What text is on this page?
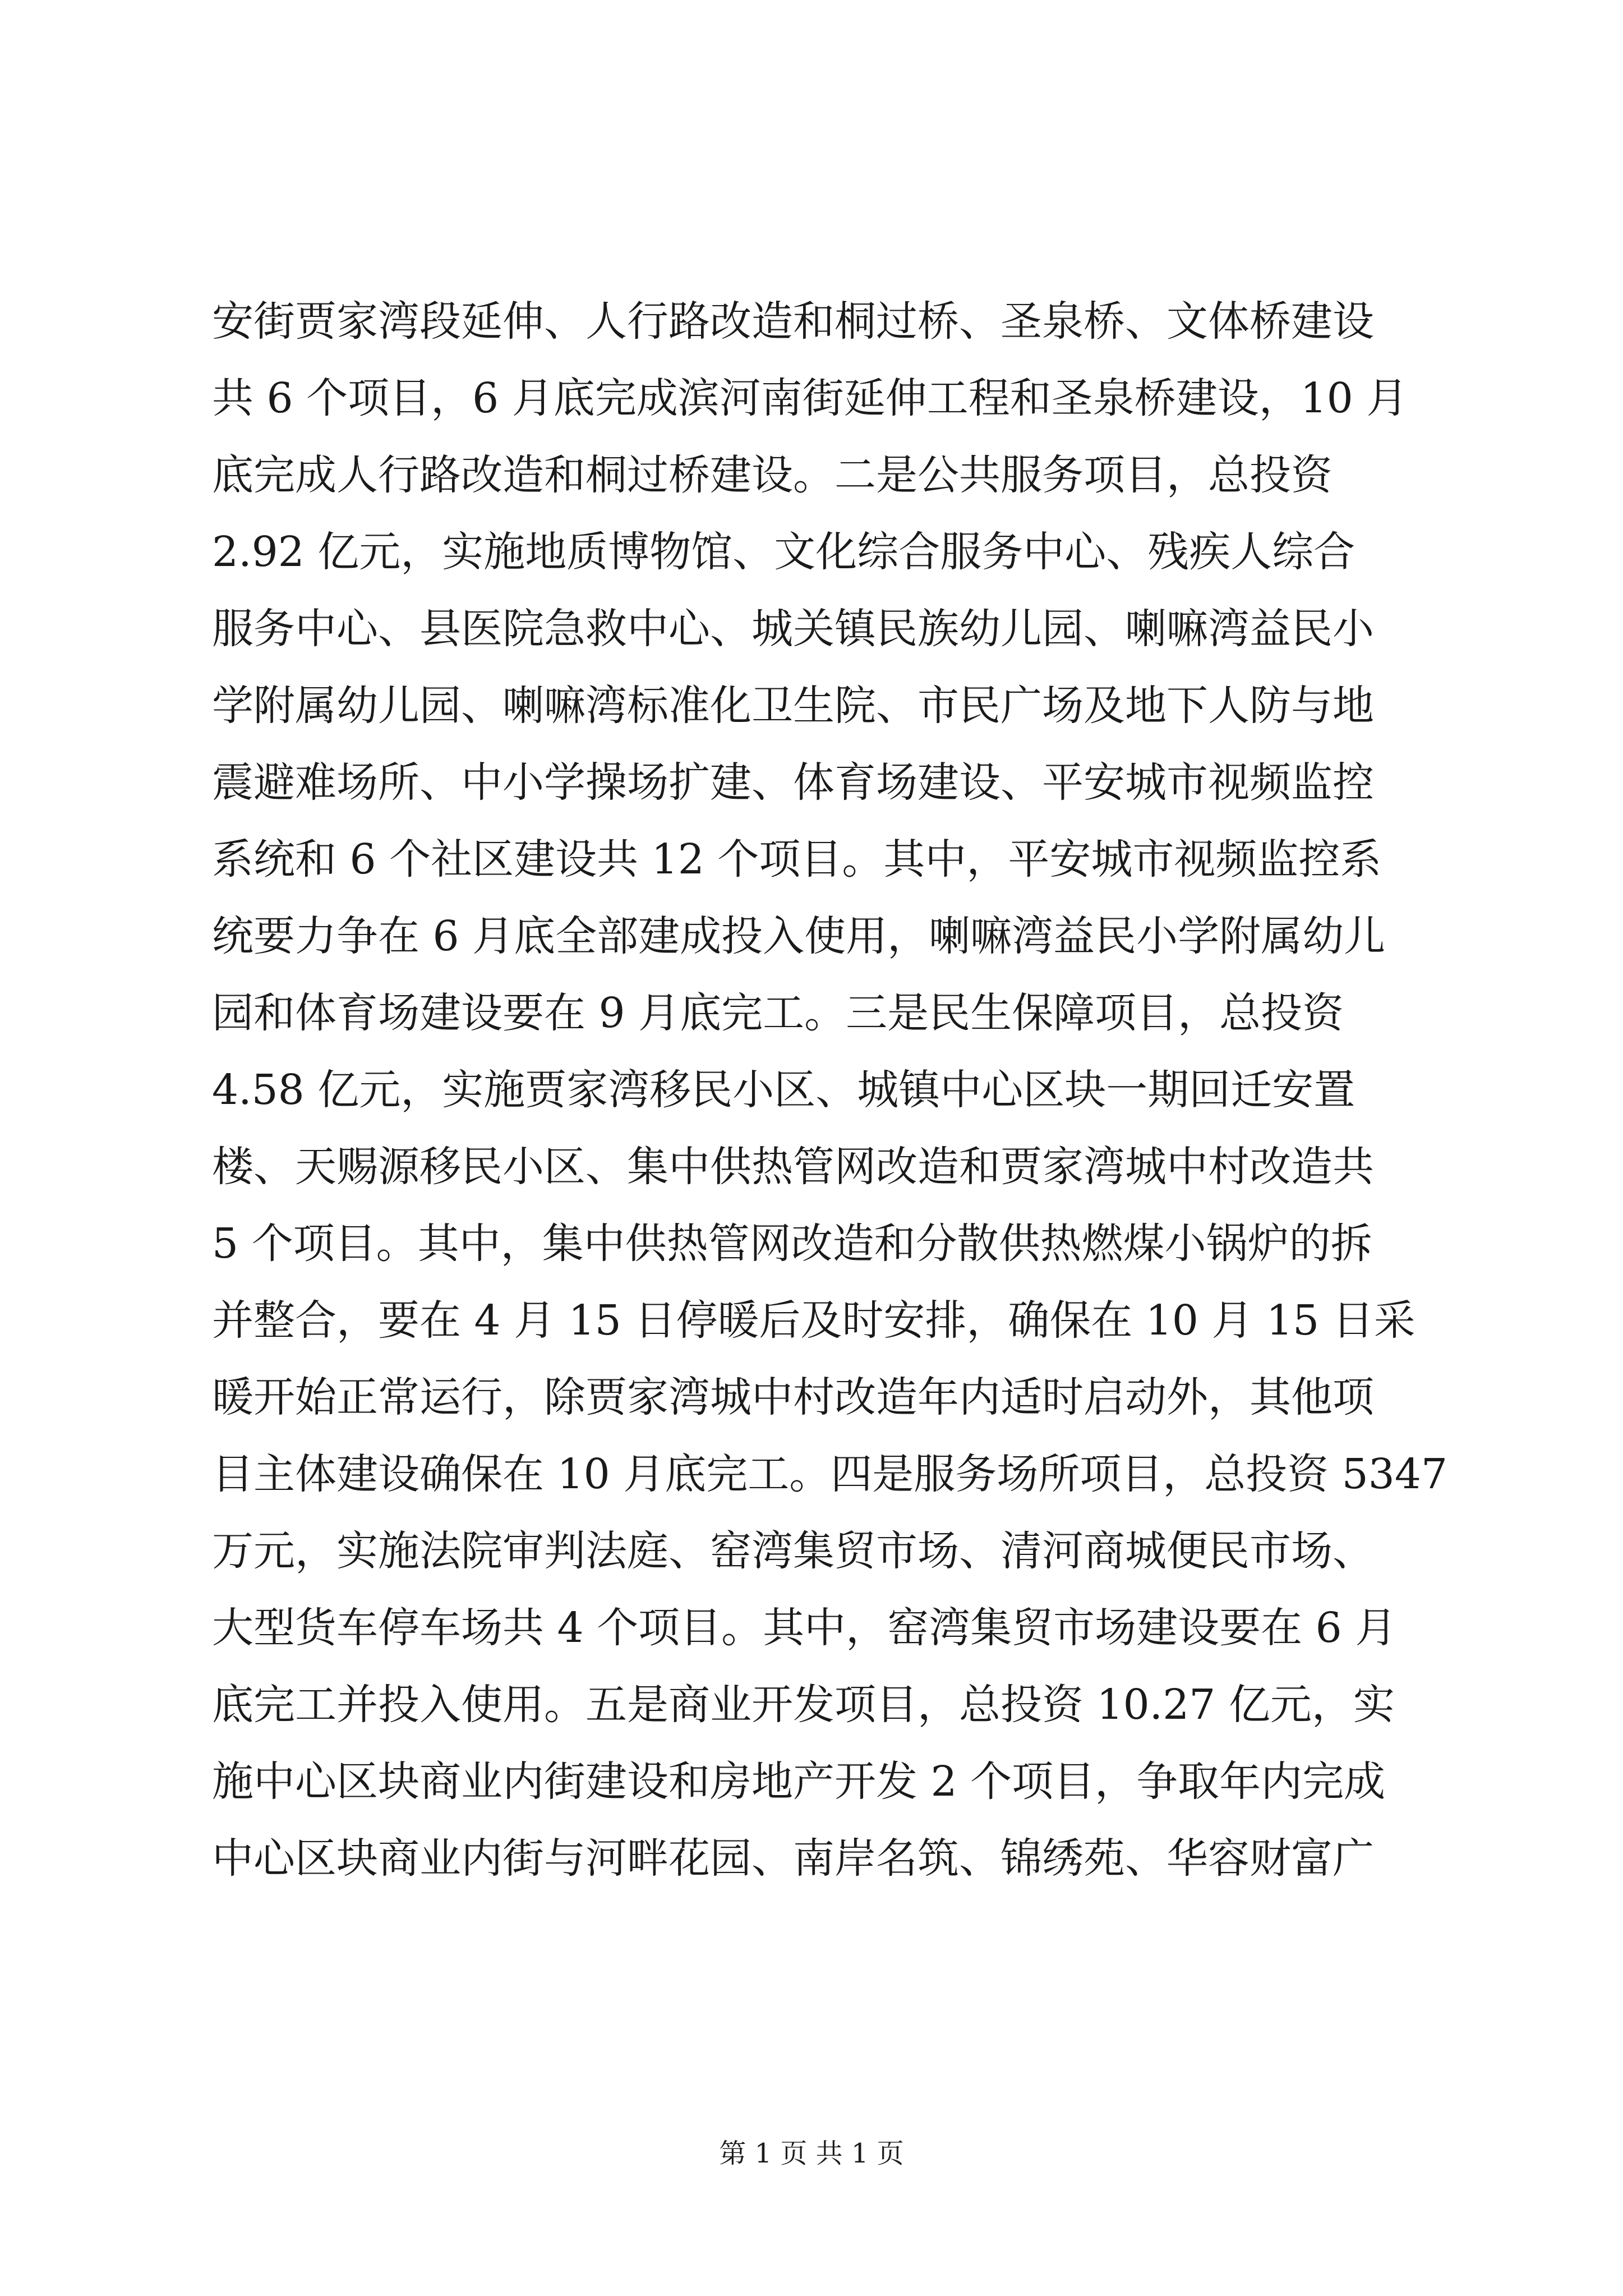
安街贾家湾段延伸、人行路改造和桐过桥、圣泉桥、文体桥建设
共 6 个项目，6 月底完成滨河南街延伸工程和圣泉桥建设，10 月
底完成人行路改造和桐过桥建设。二是公共服务项目，总投资
2.92 亿元，实施地质博物馆、文化综合服务中心、残疾人综合
服务中心、县医院急救中心、城关镇民族幼儿园、喇嘛湾益民小
学附属幼儿园、喇嘛湾标准化卫生院、市民广场及地下人防与地
震避难场所、中小学操场扩建、体育场建设、平安城市视频监控
系统和 6 个社区建设共 12 个项目。其中，平安城市视频监控系
统要力争在 6 月底全部建成投入使用，喇嘛湾益民小学附属幼儿
园和体育场建设要在 9 月底完工。三是民生保障项目，总投资
4.58 亿元，实施贾家湾移民小区、城镇中心区块一期回迁安置
楼、天赐源移民小区、集中供热管网改造和贾家湾城中村改造共
5 个项目。其中，集中供热管网改造和分散供热燃煤小锅炉的拆
并整合，要在 4 月 15 日停暖后及时安排，确保在 10 月 15 日采
暖开始正常运行，除贾家湾城中村改造年内适时启动外，其他项
目主体建设确保在 10 月底完工。四是服务场所项目，总投资 5347
万元，实施法院审判法庭、窑湾集贸市场、清河商城便民市场、
大型货车停车场共 4 个项目。其中，窑湾集贸市场建设要在 6 月
底完工并投入使用。五是商业开发项目，总投资 10.27 亿元，实
施中心区块商业内街建设和房地产开发 2 个项目，争取年内完成
中心区块商业内街与河畔花园、南岸名筑、锦绣苑、华容财富广
第 1 页 共 1 页
